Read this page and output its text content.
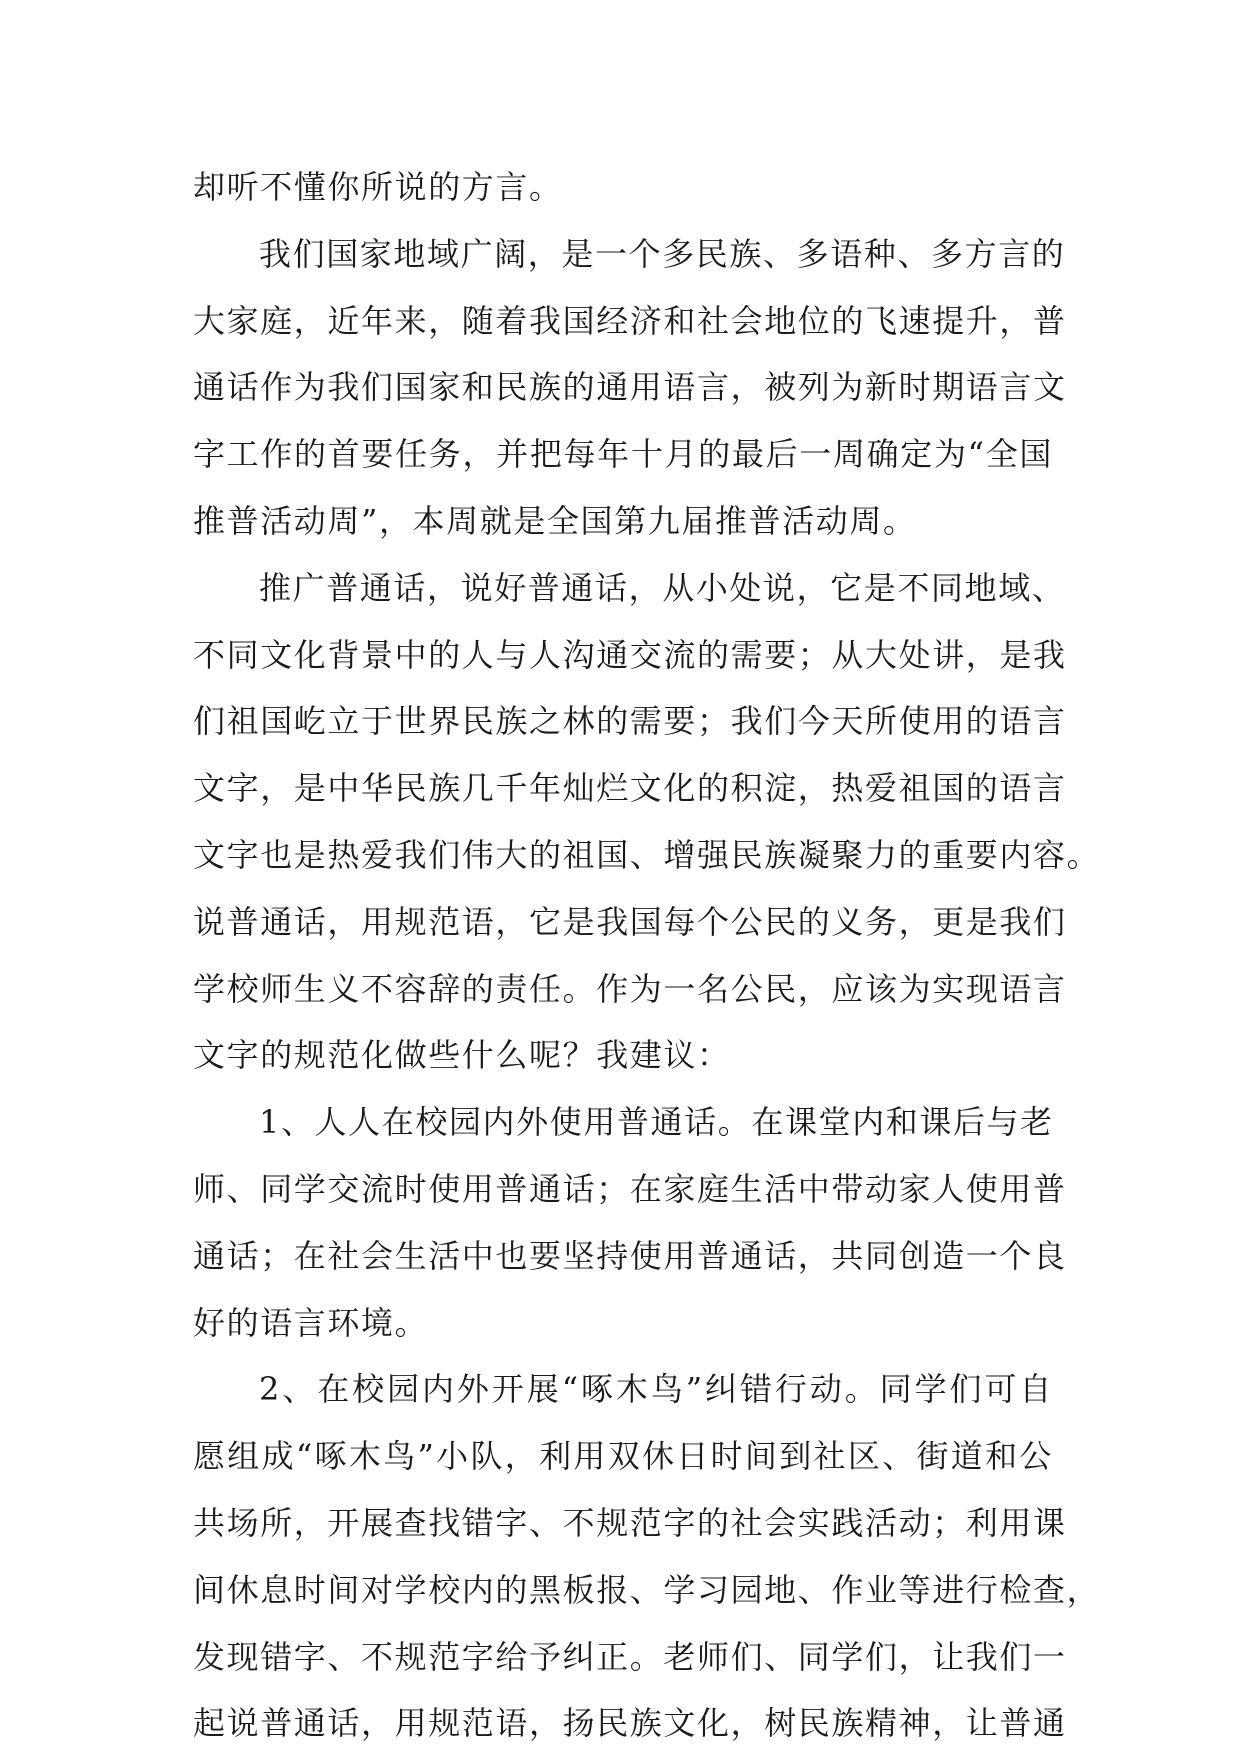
却听不懂你所说的方言。
我们国家地域广阔，是一个多民族、多语种、多方言的
大家庭，近年来，随着我国经济和社会地位的飞速提升，普
通话作为我们国家和民族的通用语言，被列为新时期语言文
字工作的首要任务，并把每年十月的最后一周确定为“全国
推普活动周”，本周就是全国第九届推普活动周。
推广普通话，说好普通话，从小处说，它是不同地域、
不同文化背景中的人与人沟通交流的需要；从大处讲，是我
们祖国屹立于世界民族之林的需要；我们今天所使用的语言
文字，是中华民族几千年灿烂文化的积淀，热爱祖国的语言
文字也是热爱我们伟大的祖国、增强民族凝聚力的重要内容。
说普通话，用规范语，它是我国每个公民的义务，更是我们
学校师生义不容辞的责任。作为一名公民，应该为实现语言
文字的规范化做些什么呢？我建议：
1、人人在校园内外使用普通话。在课堂内和课后与老
师、同学交流时使用普通话；在家庭生活中带动家人使用普
通话；在社会生活中也要坚持使用普通话，共同创造一个良
好的语言环境。
2、在校园内外开展“啄木鸟”纠错行动。同学们可自
愿组成“啄木鸟”小队，利用双休日时间到社区、街道和公
共场所，开展查找错字、不规范字的社会实践活动；利用课
间休息时间对学校内的黑板报、学习园地、作业等进行检查，
发现错字、不规范字给予纠正。老师们、同学们，让我们一
起说普通话，用规范语，扬民族文化，树民族精神，让普通
